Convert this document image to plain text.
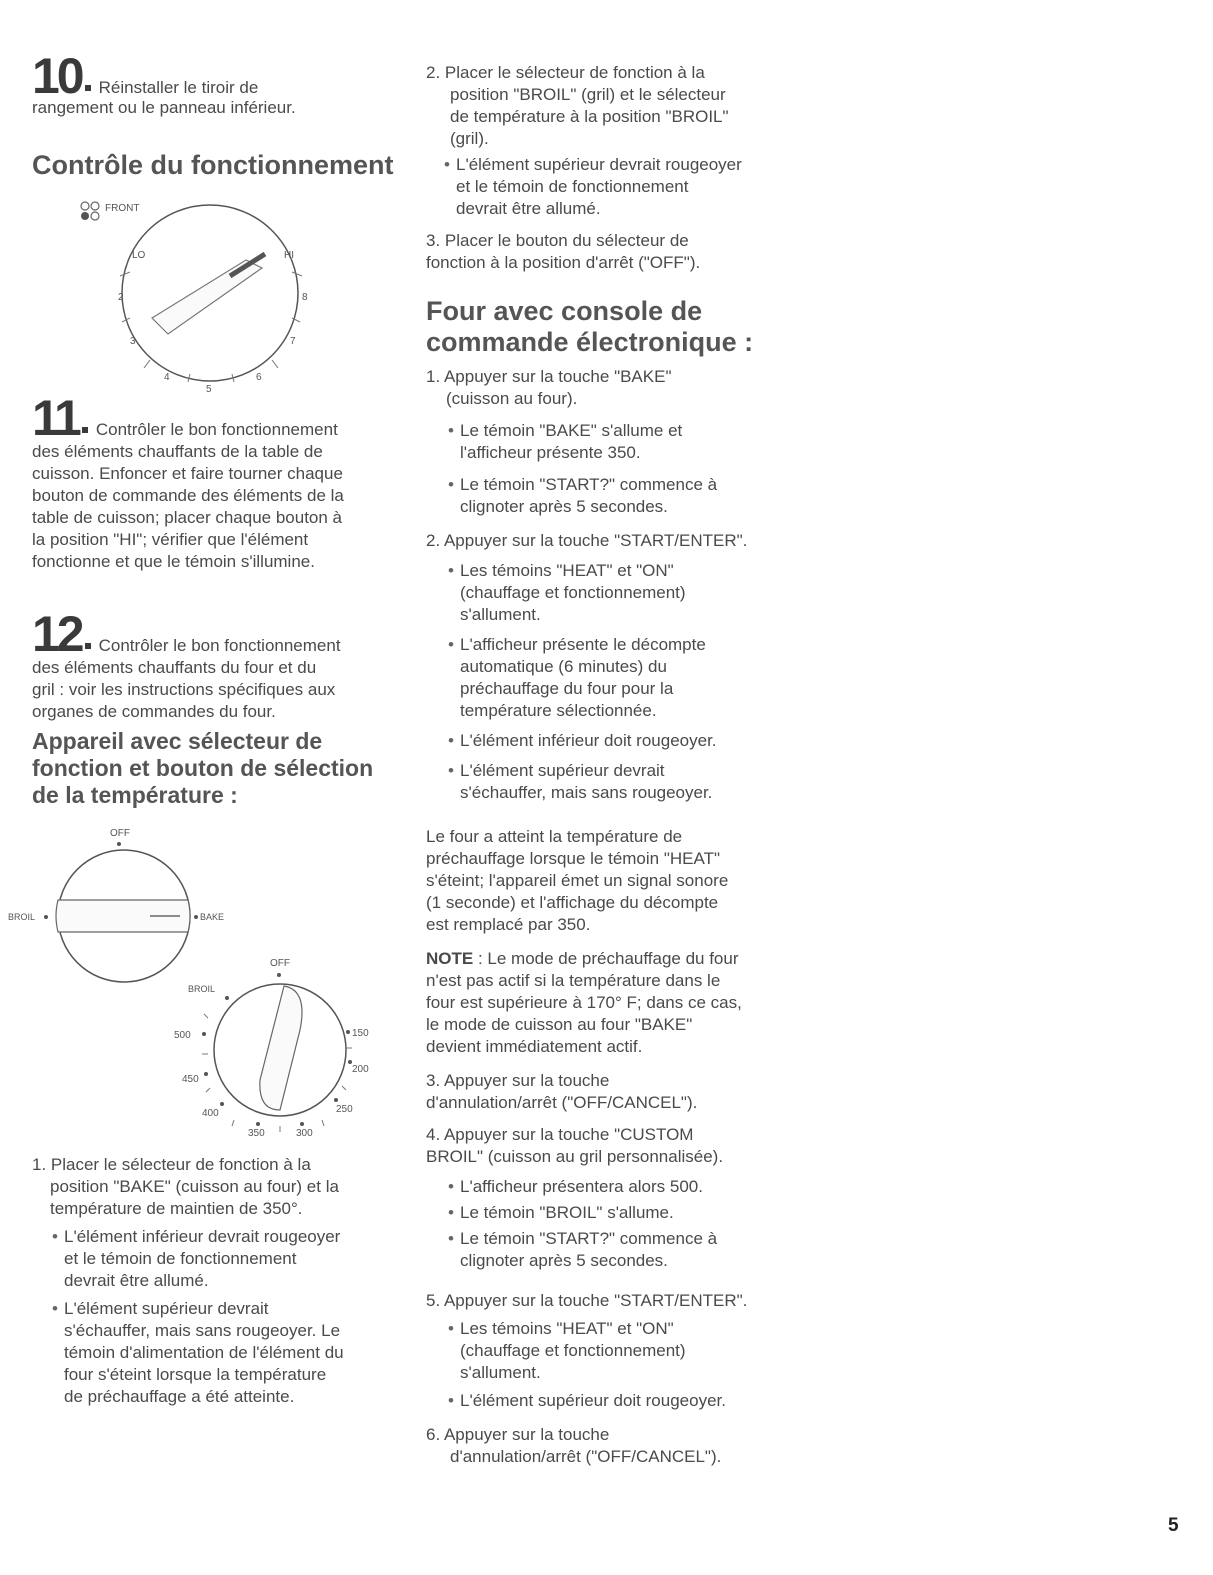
10 Réinstaller le tiroir de
rangement ou le panneau inférieur.
Contrôle du fonctionnement
FRONT
LO	HI
2
3
4
5
6
7
8
11 Contrôler le bon fonctionnement
des éléments chauffants de la table de
cuisson. Enfoncer et faire tourner chaque
bouton de commande des éléments de la
table de cuisson; placer chaque bouton à
la position "HI"; vérifier que l'élément
fonctionne et que le témoin s'illumine.
12 Contrôler le bon fonctionnement
des éléments chauffants du four et du
gril : voir les instructions spécifiques aux
organes de commandes du four.
Appareil avec sélecteur de
fonction et bouton de sélection
de la température :
OFF
BROIL	BAKE
OFF
BROIL
500
450
400
350	300
250
200
150
1. Placer le sélecteur de fonction à la
position "BAKE" (cuisson au four) et la
température de maintien de 350°.
• L'élément inférieur devrait rougeoyer
et le témoin de fonctionnement
devrait être allumé.
• L'élément supérieur devrait
s'échauffer, mais sans rougeoyer. Le
témoin d'alimentation de l'élément du
four s'éteint lorsque la température
de préchauffage a été atteinte.
2. Placer le sélecteur de fonction à la
position "BROIL" (gril) et le sélecteur
de température à la position "BROIL"
(gril).
• L'élément supérieur devrait rougeoyer
et le témoin de fonctionnement
devrait être allumé.
3. Placer le bouton du sélecteur de
fonction à la position d'arrêt ("OFF").
Four avec console de
commande électronique :
1. Appuyer sur la touche "BAKE"
(cuisson au four).
• Le témoin "BAKE" s'allume et
l'afficheur présente 350.
• Le témoin "START?" commence à
clignoter après 5 secondes.
2. Appuyer sur la touche "START/ENTER".
• Les témoins "HEAT" et "ON"
(chauffage et fonctionnement)
s'allument.
• L'afficheur présente le décompte
automatique (6 minutes) du
préchauffage du four pour la
température sélectionnée.
• L'élément inférieur doit rougeoyer.
• L'élément supérieur devrait
s'échauffer, mais sans rougeoyer.
Le four a atteint la température de
préchauffage lorsque le témoin "HEAT"
s'éteint; l'appareil émet un signal sonore
(1 seconde) et l'affichage du décompte
est remplacé par 350.
NOTE : Le mode de préchauffage du four
n'est pas actif si la température dans le
four est supérieure à 170° F; dans ce cas,
le mode de cuisson au four "BAKE"
devient immédiatement actif.
3. Appuyer sur la touche
d'annulation/arrêt ("OFF/CANCEL").
4. Appuyer sur la touche "CUSTOM
BROIL" (cuisson au gril personnalisée).
• L'afficheur présentera alors 500.
• Le témoin "BROIL" s'allume.
• Le témoin "START?" commence à
clignoter après 5 secondes.
5. Appuyer sur la touche "START/ENTER".
• Les témoins "HEAT" et "ON"
(chauffage et fonctionnement)
s'allument.
• L'élément supérieur doit rougeoyer.
6. Appuyer sur la touche
d'annulation/arrêt ("OFF/CANCEL").
5
